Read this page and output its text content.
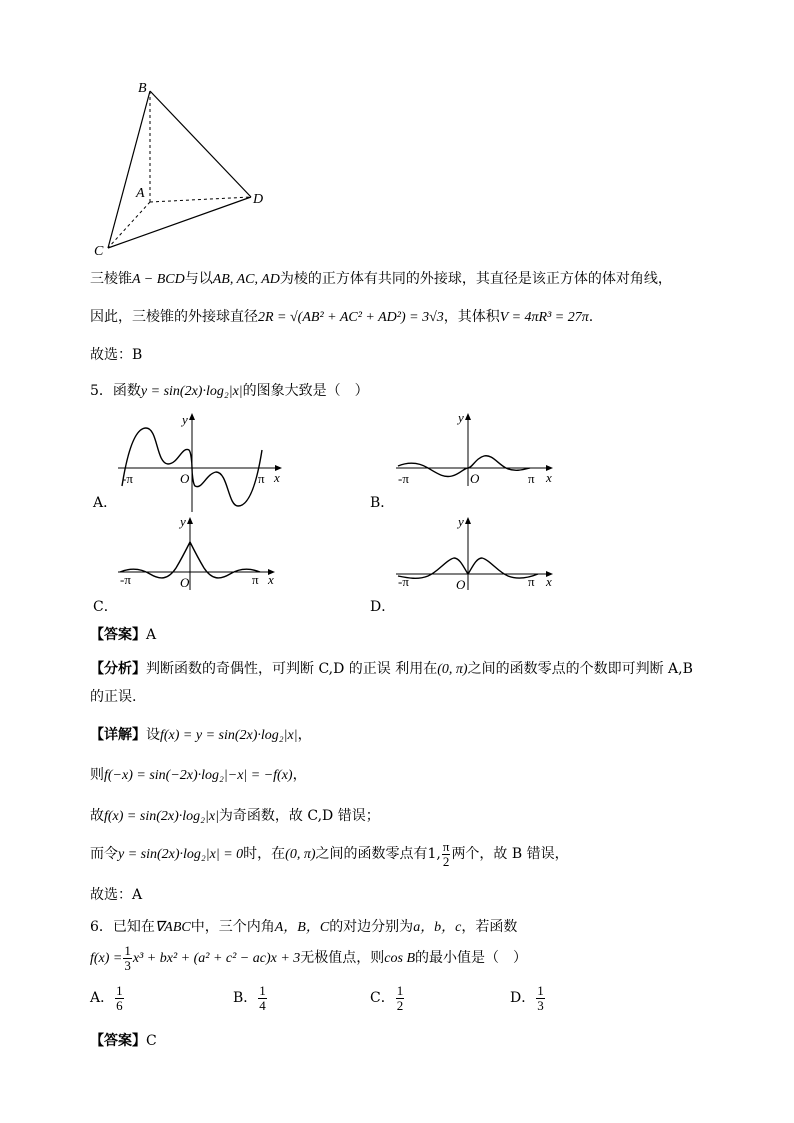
B
A	D
C
三棱锥A − BCD与以AB, AC, AD为棱的正方体有共同的外接球，其直径是该正方体的体对角线，
因此，三棱锥的外接球直径2R = √(AB² + AC² + AD²) = 3√3，其体积V = 4πR³ = 27π.
故选：B
5．函数y = sin(2x)·log₂|x|的图象大致是（　）
A．
y
x
O
-π	π
B．
y
x
O
-π	π
C．
y
x
O
-π	π
D．
y
x
O
-π	π
【答案】A
【分析】判断函数的奇偶性，可判断 C,D 的正误 利用在(0, π)之间的函数零点的个数即可判断 A,B
的正误.
【详解】设f(x) = y = sin(2x)·log₂|x|，
则f(−x) = sin(−2x)·log₂|−x| = −f(x)，
故f(x) = sin(2x)·log₂|x|为奇函数，故 C,D 错误；
而令y = sin(2x)·log₂|x| = 0时，在(0, π)之间的函数零点有1, $\frac{\pi}{2}$ 两个，故 B 错误，
故选：A
6．已知在∇ABC中，三个内角A，B，C的对边分别为a，b，c，若函数
$f(x) = \frac{1}{3} x^3 + bx^2 + (a^2 + c^2 - ac)x + 3$无极值点，则cos B的最小值是（　）
A． $\frac{1}{6}$	B． $\frac{1}{4}$	C． $\frac{1}{2}$	D． $\frac{1}{3}$
【答案】C
